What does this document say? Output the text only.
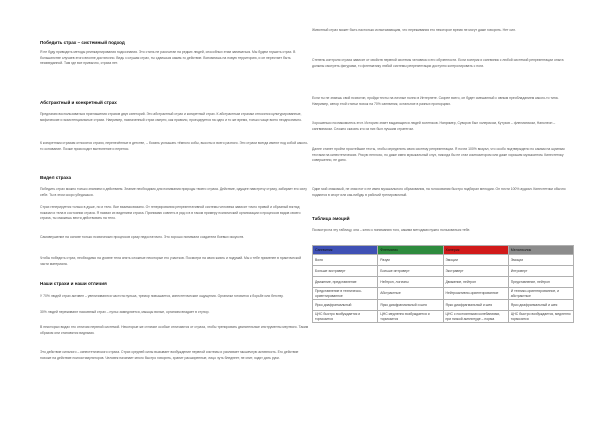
Победить страх – системный подход
Я не буду приводить методы реинкарнирования подсознания. Это стиль не рассчитан на редких людей, способных этим заниматься. Мы будем глушить страх. В большинстве случаев этого вполне достаточно. Ведь з слушая страх, ты сдаешься каким-то действие. Вспомнишь на новую территорию, и он перестает быть неизведанной. Там где все привычно, страха нет.
Абстрактный и конкретный страх
Предлагаю воспользоваться приглашения страхов двух категорий. Это абстрактный страх и конкретный страх. К абстрактным страхам относятся культурированные, мифические и экзистенциальные страхи. Например, назначенный страх смерти, как правило, проецируется на одно и то же время, только чаще всего неоднозначно.
К конкретным страхам относятся страхи, перенесённые в детстве, – боязнь услышать тёмного собы, высоты и всего разного. Эти страхи всегда имеют под собой какого-то основание. Позже происходит вытеснение и перенос.
Видел страха
Победить страх можно только знанием и действием. Знание необходимо для понимания природы твоего страха. Действие, идущее навстречу страху, забирает его силу себе. Ты в этом скоро убедишься.
Страх генерируется только в душе, но и тело. Все взаимосвязано. От генерирования репрезентативной системы человека зависит точно привой и образный взгляд показан и тела в состоянии страха. Я назвал их видением страха. Принимаю совпеть в ряд и в в таком примеру психический организации и процессов видов своего страха, ты сможешь вести действовать на тело.
Самовнушение на основе только психических процессов сразу недостаточно. Это хорошо понимали создатели боевых искусств.
Чтобы победить страх, необходимо на уровне тела снять сложные некоторые его участков. Посмотри на свою жизнь и подумай. Мы к тебе применен в практической части материала.
Наши страхи и наши отличия
У 70% людей страх активен – увеличиваются частота пульса, тремор повышается, кинестетические ощущения. Организм готовится к борьбе или бегству.
30% людей переживают пассивный страх – пульс замедляется, мышцы вялые, организм впадает в ступор.
В некоторых видах это отличия нервной системой. Некоторые же отличие особые отличаются от страха, чтобы тренировать двигательные инструменты мертвого. Таким образом они становятся видными.
Это действие сильного – кинестетического страха. Страх средней силы вызывает возбуждение нервной системы и усиливает мышечную активность. Его действие похоже на действие психостимуляторов. Человек начинает много быстро говорить, хранит расширенные, лицо чуть бледнеет, не спит, ходит дать руки.
Животный страх может быть настолько испытывающим, что переживания его некоторое время не могут даже говорить. Нет сил.
Степень контроля страха зависит от свойств нервной системы человека и его обученности. Если холерик и сангвиник с любой системой репрезентации опыта должны смотреть фигурами, то флегматику любой системы репрезентации доступно контролировать с ноги.
Если ты не знаешь свой психотип, пройди тесты на личные полно в Интернете. Скорее всего, он будет смешанный с явным преобладанием какого-то типа. Например, автор этой статьи похож на 70% сангвиник, остальное в разных пропорциях.
Хорошенько познакомьтесь этот. Историю знает выдающиеся людей холетиков. Например, Суворов был холериком, Кутузов – флегматиком, Наполеон – сангвиником. Сложно сказать кто из них был лучшим стратегом.
Далее станет пройти простейшие тесты, чтобы определить свою систему репрезентации. Я почти 100% визуал, что особо подтверждено по самым на шумным тестами на кинестетических. Рисую неплохо, но даже имея музыкальный слух, никогда бы не стал композитором или даже хорошим музыкантом. Кинестетику совершенно, не дано.
Один мой знакомый, не зная нот и не имея музыкального образования, на голосования быстро подбирал мелодии. Он почти 100% аудиал. Кинестетики обычно подаются в спорт или как-нибудь в рабочий тренировочный.
Таблица эмоций
Посмотри на эту таблицу, она – ключ к пониманию того, какими методами нужно пользоваться тебе.
Сангвиник	Флегматик	Холерик	Меланхолик
Воля	Разум	Эмоции	Эмоции
Больше экстраверт	Больше интроверт	Экстраверт	Интроверт
Движение, представление	Нейтрон, логичны	Движение, нейтрон	Представление, нейтрон
Представление в техническо-ориентированное	Абстрактные	Нейтроактивно-ориентированное	И технико-ориентированное, и абстрактные
Ярко диафрагмальный	Ярко диафрагмальный и шея	Ярко диафрагмальный и шея	Ярко диафрагмальный и шея
ЦНС быстро возбуждается и тормозится	ЦНС медленно возбуждается и тормозится	ЦНС с постоянными колебаниями, при низкой амплитуде – норма	ЦНС быстро возбуждается, медленно тормозится
